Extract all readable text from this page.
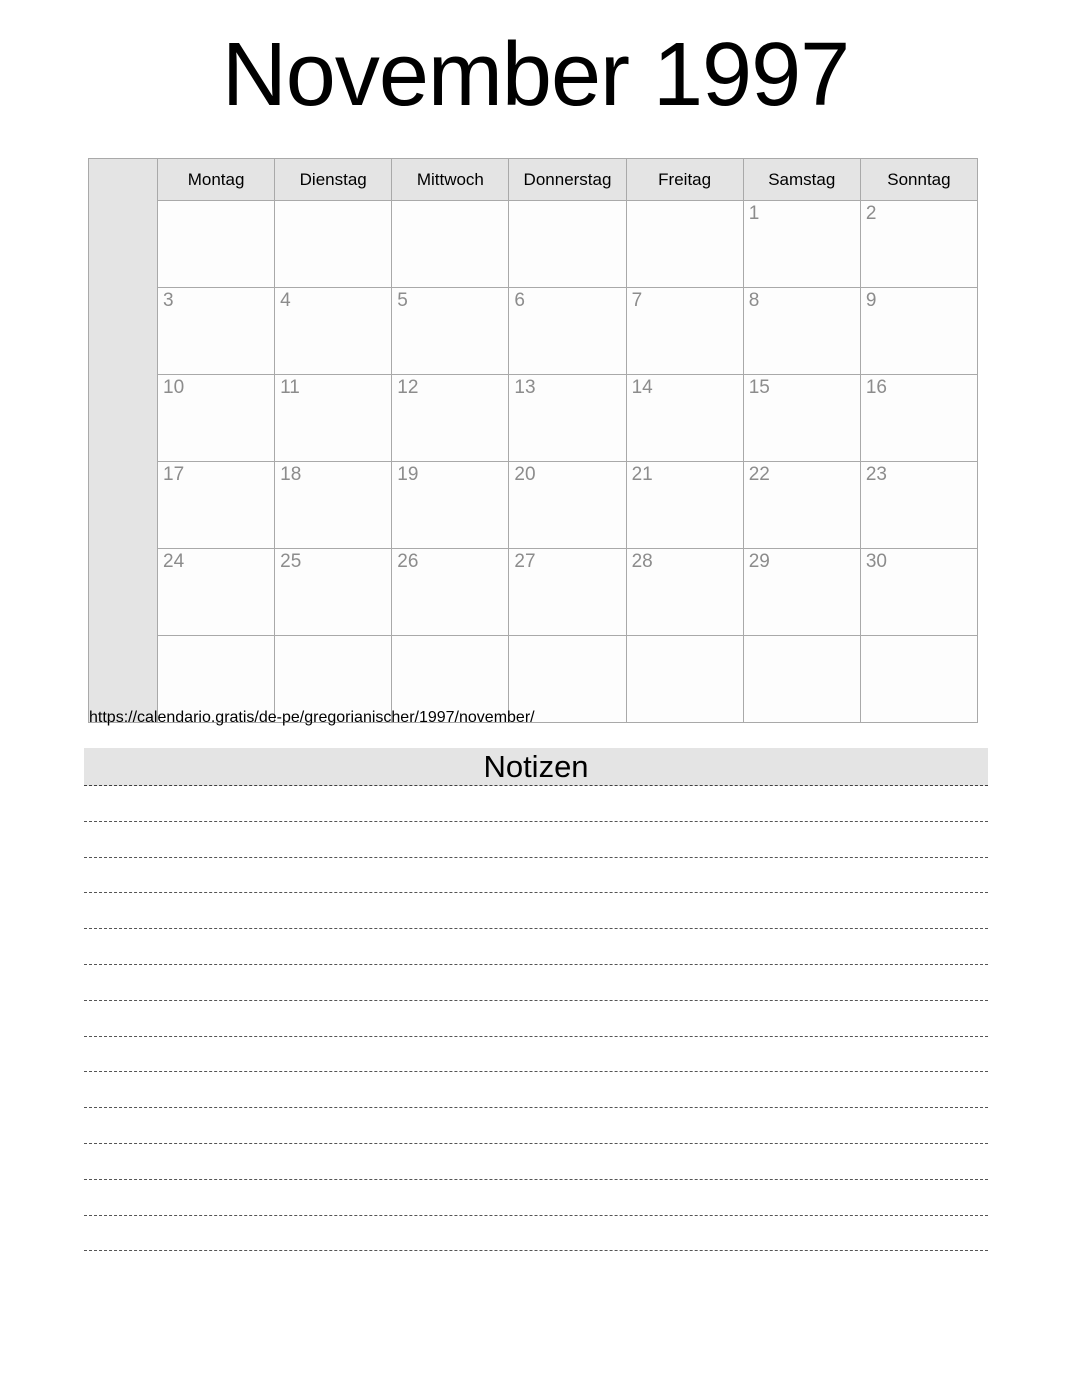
November 1997
	Montag	Dienstag	Mittwoch	Donnerstag	Freitag	Samstag	Sonntag
						1	2
	3	4	5	6	7	8	9
	10	11	12	13	14	15	16
	17	18	19	20	21	22	23
	24	25	26	27	28	29	30

https://calendario.gratis/de-pe/gregorianischer/1997/november/
Notizen
